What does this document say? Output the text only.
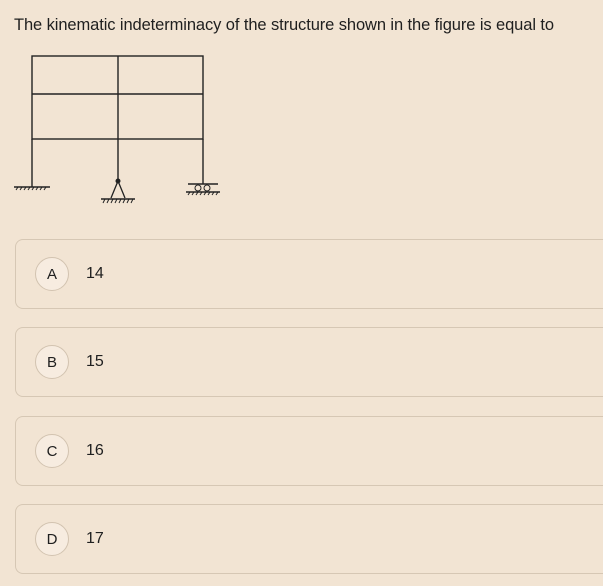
The kinematic indeterminacy of the structure shown in the figure is equal to
A	14
B	15
C	16
D	17
